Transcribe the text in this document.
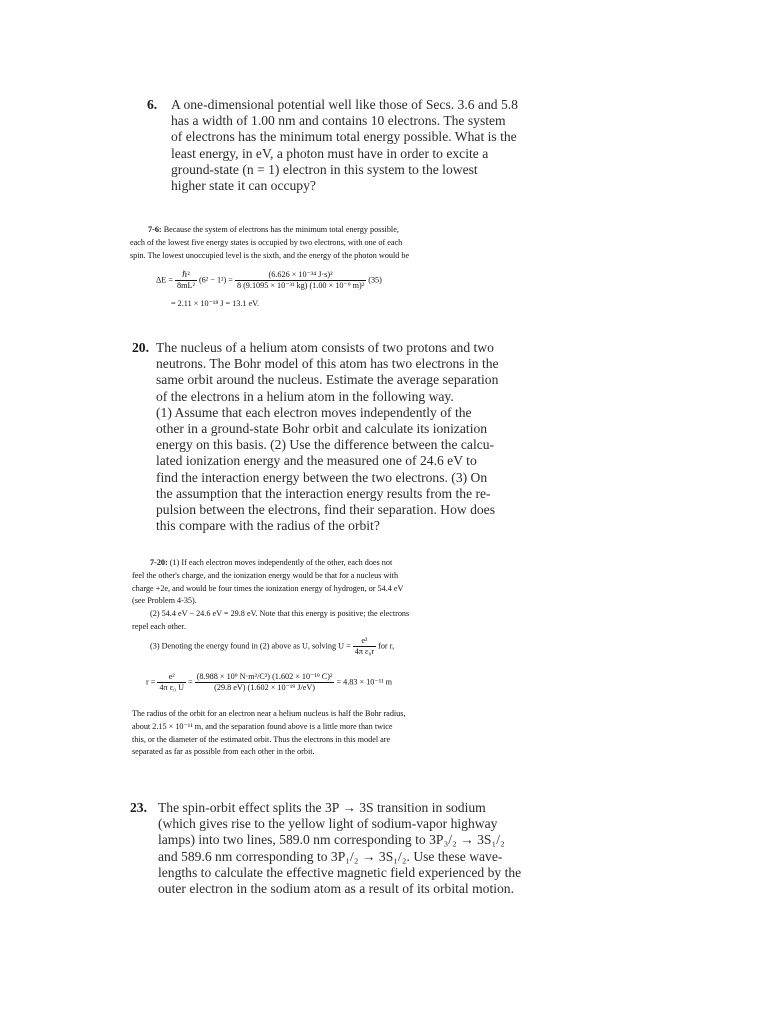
6. A one-dimensional potential well like those of Secs. 3.6 and 5.8
has a width of 1.00 nm and contains 10 electrons. The system
of electrons has the minimum total energy possible. What is the
least energy, in eV, a photon must have in order to excite a
ground-state (n = 1) electron in this system to the lowest
higher state it can occupy?
7-6: Because the system of electrons has the minimum total energy possible,
each of the lowest five energy states is occupied by two electrons, with one of each
spin. The lowest unoccupied level is the sixth, and the energy of the photon would be
$\Delta E = \frac{\text{ℏ²}}{\text{8mL²}} (6^2 - 1^2) = \frac{\text{(6.626 × 10⁻³⁴ J·s)²}}{\text{8 (9.1095 × 10⁻³¹ kg) (1.00 × 10⁻⁹ m)²}} (35)$
= 2.11 × 10⁻¹⁸ J = 13.1 eV.
20. The nucleus of a helium atom consists of two protons and two
neutrons. The Bohr model of this atom has two electrons in the
same orbit around the nucleus. Estimate the average separation
of the electrons in a helium atom in the following way.
(1) Assume that each electron moves independently of the
other in a ground-state Bohr orbit and calculate its ionization
energy on this basis. (2) Use the difference between the calcu-
lated ionization energy and the measured one of 24.6 eV to
find the interaction energy between the two electrons. (3) On
the assumption that the interaction energy results from the re-
pulsion between the electrons, find their separation. How does
this compare with the radius of the orbit?
7-20: (1) If each electron moves independently of the other, each does not
feel the other's charge, and the ionization energy would be that for a nucleus with
charge +2e, and would be four times the ionization energy of hydrogen, or 54.4 eV
(see Problem 4-35).
(2) 54.4 eV − 24.6 eV = 29.8 eV. Note that this energy is positive; the electrons
repel each other.
(3) Denoting the energy found in (2) above as U, solving $U = \frac{\text{e²}}{\text{4π ε₀r}}$ for r,
$r = \frac{\text{e²}}{\text{4π ε₀ U}} = \frac{\text{(8.988 × 10⁹ N·m²/C²) (1.602 × 10⁻¹⁹ C)²}}{\text{(29.8 eV) (1.602 × 10⁻¹⁹ J/eV)}} = 4.83 \times 10^{-11}$ m
The radius of the orbit for an electron near a helium nucleus is half the Bohr radius,
about 2.15 × 10⁻¹¹ m, and the separation found above is a little more than twice
this, or the diameter of the estimated orbit. Thus the electrons in this model are
separated as far as possible from each other in the orbit.
23. The spin-orbit effect splits the 3P → 3S transition in sodium
(which gives rise to the yellow light of sodium-vapor highway
lamps) into two lines, 589.0 nm corresponding to 3P₃/₂ → 3S₁/₂
and 589.6 nm corresponding to 3P₁/₂ → 3S₁/₂. Use these wave-
lengths to calculate the effective magnetic field experienced by the
outer electron in the sodium atom as a result of its orbital motion.
